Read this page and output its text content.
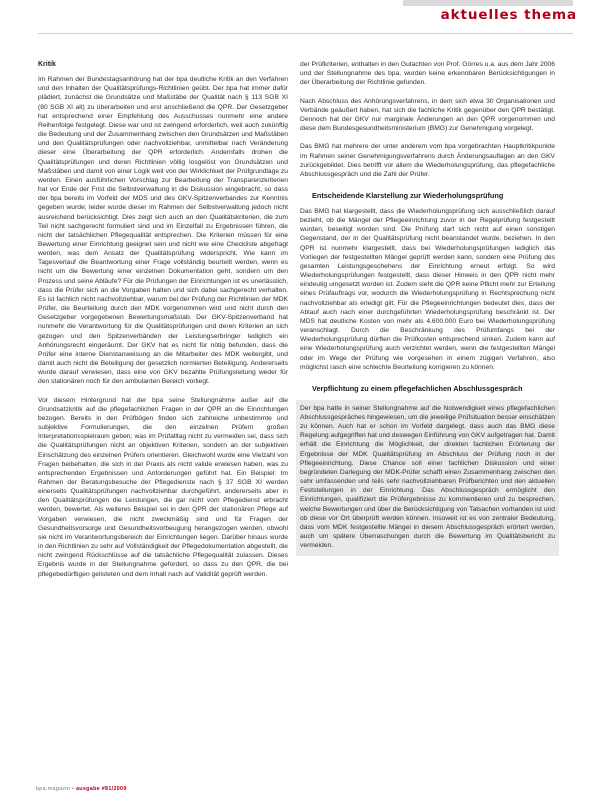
aktuelles thema
Kritik

Im Rahmen der Bundestagsanhörung hat der bpa deutliche Kritik an den Verfahren und den Inhalten der Qualitätsprüfungs-Richtlinien geübt. Der bpa hat immer dafür plädiert, zunächst die Grundsätze und Maßstäbe der Qualität nach § 113 SGB XI (80 SGB XI alt) zu überarbeiten und erst anschließend die QPR. Der Gesetzgeber hat entsprechend einer Empfehlung des Ausschusses nunmehr eine andere Reihenfolge festgelegt. Diese war und ist zwingend erforderlich, weil auch zukünftig die Bedeutung und der Zusammenhang zwischen den Grundsätzen und Maßstäben und den Qualitätsprüfungen oder nachvollziehbar, unmittelbar nach Veränderung dieser eine Überarbeitung der QPR erforderlich. Andernfalls drohen die Qualitätsprüfungen und deren Richtlinien völlig losgelöst von Grundsätzen und Maßstäben und damit von einer Logik weit von der Wirklichkeit der Prüfgrundlage zu werden. Einen ausführlichen Vorschlag zur Bearbeitung der Transparenzkriterien hat vor Ende der Frist die Selbstverwaltung in die Diskussion eingebracht, so dass der bpa bereits im Vorfeld der MDS und des GKV-Spitzenverbandes zur Kenntnis gegeben wurde; leider wurde dieser im Rahmen der Selbstverwaltung jedoch nicht ausreichend berücksichtigt. Dies zeigt sich auch an den Qualitätskriterien, die zum Teil nicht sachgerecht formuliert sind und im Einzelfall zu Ergebnissen führen, die nicht der tatsächlichen Pflegequalität entsprechen. Die Kriterien müssen für eine Bewertung einer Einrichtung geeignet sein und nicht wie eine Checkliste abgefragt werden, was dem Ansatz der Qualitätsprüfung widerspricht. Wie kann im Tagesverlauf die Beantwortung einer Frage vollständig beurteilt werden, wenn es nicht um die Bewertung einer einzelnen Dokumentation geht, sondern um den Prozess und seine Abläufe? Für die Prüfungen der Einrichtungen ist es unerlässlich, dass die Prüfer sich an die Vorgaben halten und sich dabei sachgerecht verhalten. Es ist fachlich nicht nachvollziehbar, warum bei der Prüfung der Richtlinien der MDK Prüfer, die Beurteilung durch den MDK vorgenommen wird und nicht durch den Gesetzgeber vorgegebenen Bewertungsmaßstab. Der GKV-Spitzenverband hat nunmehr die Verantwortung für die Qualitätsprüfungen und deren Kriterien an sich gezogen und den Spitzenverbänden der Leistungserbringer lediglich ein Anhörungsrecht eingeräumt. Der GKV hat es nicht für nötig befunden, dass die Prüfer eine interne Dienstanweisung an die Mitarbeiter des MDK weitergibt, und damit auch nicht die Beteiligung der gesetzlich normierten Beteiligung. Andererseits wurde darauf verwiesen, dass eine von GKV bezahlte Prüfungsleitung weder für den stationären noch für den ambulanten Bereich vorliegt.

Vor diesem Hintergrund hat der bpa seine Stellungnahme außer auf die Grundsatzkritik auf die pflegefachlichen Fragen in der QPR an die Einrichtungen bezogen. Bereits in den Prüfbögen finden sich zahlreiche unbestimmte und subjektive Formulierungen, die den einzelnen Prüfern großen Interpretationsspielraum geben; was im Prüfalltag nicht zu vermeiden sei, dass sich die Qualitätsprüfungen nicht an objektiven Kriterien, sondern an der subjektiven Einschätzung des einzelnen Prüfers orientieren. Gleichwohl wurde eine Vielzahl von Fragen beibehalten, die sich in der Praxis als nicht valide erwiesen haben, was zu entsprechenden Ergebnissen und Anforderungen geführt hat. Ein Beispiel: Im Rahmen der Beratungsbesuche der Pflegedienste nach § 37 SGB XI werden einerseits Qualitätsprüfungen nachvollziehbar durchgeführt, andererseits aber in den Qualitätsprüfungen die Leistungen, die gar nicht vom Pflegedienst erbracht werden, bewertet. Als weiteres Beispiel sei in den QPR der stationären Pflege auf Vorgaben verwiesen, die nicht zweckmäßig sind und für Fragen der Gesundheitsvorsorge und Gesundheitsvorbeugung herangezogen werden, obwohl sie nicht im Verantwortungsbereich der Einrichtungen liegen. Darüber hinaus wurde in den Richtlinien zu sehr auf Vollständigkeit der Pflegedokumentation abgestellt, die nicht zwingend Rückschlüsse auf die tatsächliche Pflegequalität zulassen. Dieses Ergebnis wurde in der Stellungnahme gefordert, so dass zu den QPR, die bei pflegebedürftigen gelisteten und dem Inhalt nach auf Validität geprüft werden.

der Prüfkriterien, enthalten in den Gutachten von Prof. Görres u.a. aus dem Jahr 2006 und der Stellungnahme des bpa, wurden keine erkennbaren Berücksichtigungen in der Überarbeitung der Richtlinie gefunden.

Nach Abschluss des Anhörungsverfahrens, in dem sich etwa 30 Organisationen und Verbände geäußert haben, hat sich die fachliche Kritik gegenüber den QPR bestätigt. Dennoch hat der GKV nur marginale Änderungen an den QPR vorgenommen und diese dem Bundesgesundheitsministerium (BMG) zur Genehmigung vorgelegt.

Das BMG hat mehrere der unter anderem vom bpa vorgebrachten Hauptkritikpunkte im Rahmen seiner Genehmigungsverfahrens durch Änderungsauflagen an den GKV zurückgebildet. Dies betrifft vor allem die Wiederholungsprüfung, das pflegefachliche Abschlussgespräch und die Zahl der Prüfer.

Entscheidende Klarstellung zur Wiederholungsprüfung

Das BMG hat klargestellt, dass die Wiederholungsprüfung sich ausschließlich darauf bezieht, ob die Mängel der Pflegeeinrichtung zuvor in der Regelprüfung festgestellt wurden, beseitigt worden sind. Die Prüfung darf sich nicht auf einen sonstigen Gegenstand, der in der Qualitätsprüfung nicht beanstandet wurde, beziehen. In den QPR ist nunmehr klargestellt, dass bei Wiederholungsprüfungen lediglich das Vorliegen der festgestellten Mängel geprüft werden kann, sondern eine Prüfung des gesamten Leistungsgeschehens der Einrichtung erneut erfolgt. So wird Wiederholungsprüfungen festgestellt, dass dieser Hinweis in den QPR nicht mehr eindeutig umgesetzt worden ist. Zudem sieht die QPR keine Pflicht mehr zur Erteilung eines Prüfauftrags vor, wodurch die Wiederholungsprüfung in Rechtsprechung nicht nachvollziehbar als erledigt gilt. Für die Pflegeeinrichtungen bedeutet dies, dass der Ablauf auch nach einer durchgeführten Wiederholungsprüfung beschränkt ist. Der MDS hat deutliche Kosten von mehr als 4.600.000 Euro bei Wiederholungsprüfung veranschlagt. Durch die Beschränkung des Prüfumfangs bei der Wiederholungsprüfung dürften die Prüfkosten entsprechend sinken. Zudem kann auf eine Wiederholungsprüfung auch verzichtet werden, wenn die festgestellten Mängel oder im Wege der Prüfung wie vorgesehen in einem zügigen Verfahren, also möglichst rasch eine schlechte Beurteilung korrigieren zu können.

Verpflichtung zu einem pflegefachlichen Abschlussgespräch

Der bpa hatte in seiner Stellungnahme auf die Notwendigkeit eines pflegefachlichen Abschlussgespräches hingewiesen, um die jeweilige Prüfsituation besser einschätzen zu können. Auch hat er schon im Vorfeld dargelegt, dass auch das BMG diese Regelung aufgegriffen hat und deswegen Einführung von GKV aufgetragen hat. Damit erhält die Einrichtung die Möglichkeit, der direkten fachlichen Erörterung der Ergebnisse der MDK Qualitätsprüfung im Abschluss der Prüfung noch in der Pflegeeinrichtung. Diese Chance soll einer fachlichen Diskussion und einer begründeten Darlegung der MDK-Prüfer schafft einen Zusammenhang zwischen den sehr umfassenden und teils sehr nachvollziehbaren Prüfberichten und den aktuellen Feststellungen in der Einrichtung. Das Abschlussgespräch ermöglicht den Einrichtungen, qualifiziert die Prüfergebnisse zu kommentieren und zu besprechen, welche Bewertungen und über die Berücksichtigung von Tatsachen vorhanden ist und ob diese vor Ort überprüft werden können. Insoweit ist es von zentraler Bedeutung, dass vom MDK festgestellte Mängel in diesem Abschlussgespräch erörtert werden, auch um spätere Überraschungen durch die Bewertung im Qualitätsbericht zu vermeiden.

bpa.magazin • ausgabe #81/2009
